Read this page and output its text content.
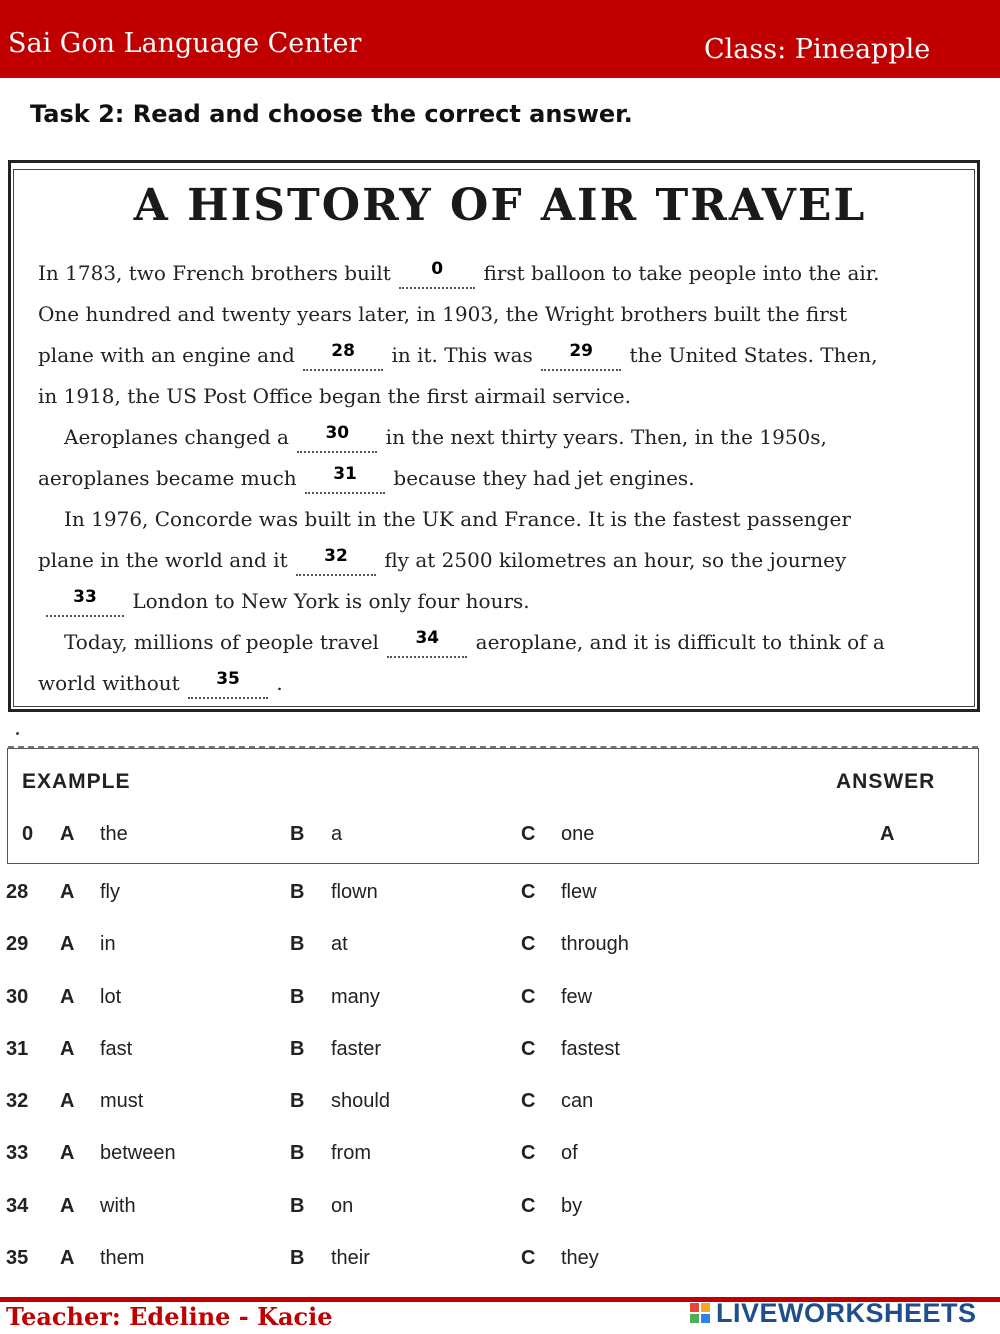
Sai Gon Language Center	Class: Pineapple
Task 2: Read and choose the correct answer.
A HISTORY OF AIR TRAVEL
In 1783, two French brothers built $^0$ first balloon to take people into the air.
One hundred and twenty years later, in 1903, the Wright brothers built the first
plane with an engine and $^{28}$ in it. This was $^{29}$ the United States. Then,
in 1918, the US Post Office began the first airmail service.
Aeroplanes changed a $^{30}$ in the next thirty years. Then, in the 1950s,
aeroplanes became much $^{31}$ because they had jet engines.
In 1976, Concorde was built in the UK and France. It is the fastest passenger
plane in the world and it $^{32}$ fly at 2500 kilometres an hour, so the journey
$^{33}$ London to New York is only four hours.
Today, millions of people travel $^{34}$ aeroplane, and it is difficult to think of a
world without $^{35}$ .
EXAMPLE	ANSWER
0 A the	B a	C one	A
28 A fly	B flown	C flew
29 A in	B at	C through
30 A lot	B many	C few
31 A fast	B faster	C fastest
32 A must	B should	C can
33 A between	B from	C of
34 A with	B on	C by
35 A them	B their	C they
Teacher: Edeline - Kacie	LIVEWORKSHEETS
